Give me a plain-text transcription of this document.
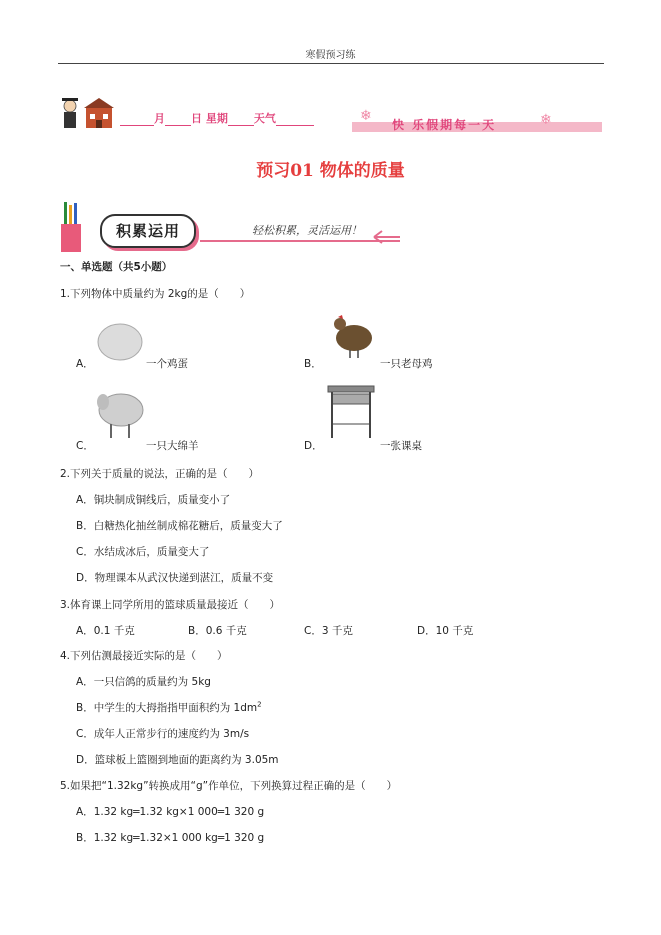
寒假预习练
月 日 星期 天气	❄
快 乐假期每一天	❄
预习01 物体的质量
积累运用	轻松积累，灵活运用！
一、单选题（共5小题）
1.下列物体中质量约为 2kg的是（　　）
A．	一个鸡蛋	B．	一只老母鸡
C．	一只大绵羊	D．	一张课桌
2.下列关于质量的说法，正确的是（　　）
A．铜块制成铜线后，质量变小了
B．白糖热化抽丝制成棉花糖后，质量变大了
C．水结成冰后，质量变大了
D．物理课本从武汉快递到湛江，质量不变
3.体育课上同学所用的篮球质量最接近（　　）
A．0.1 千克	B．0.6 千克	C．3 千克	D．10 千克
4.下列估测最接近实际的是（　　）
A．一只信鸽的质量约为 5kg
B．中学生的大拇指指甲面积约为 $1dm^2$
C．成年人正常步行的速度约为 3m/s
D．篮球板上篮圈到地面的距离约为 3.05m
5.如果把“1.32kg”转换成用“g”作单位，下列换算过程正确的是（　　）
A．1.32 kg═1.32 kg×1 000═1 320 g
B．1.32 kg═1.32×1 000 kg═1 320 g
